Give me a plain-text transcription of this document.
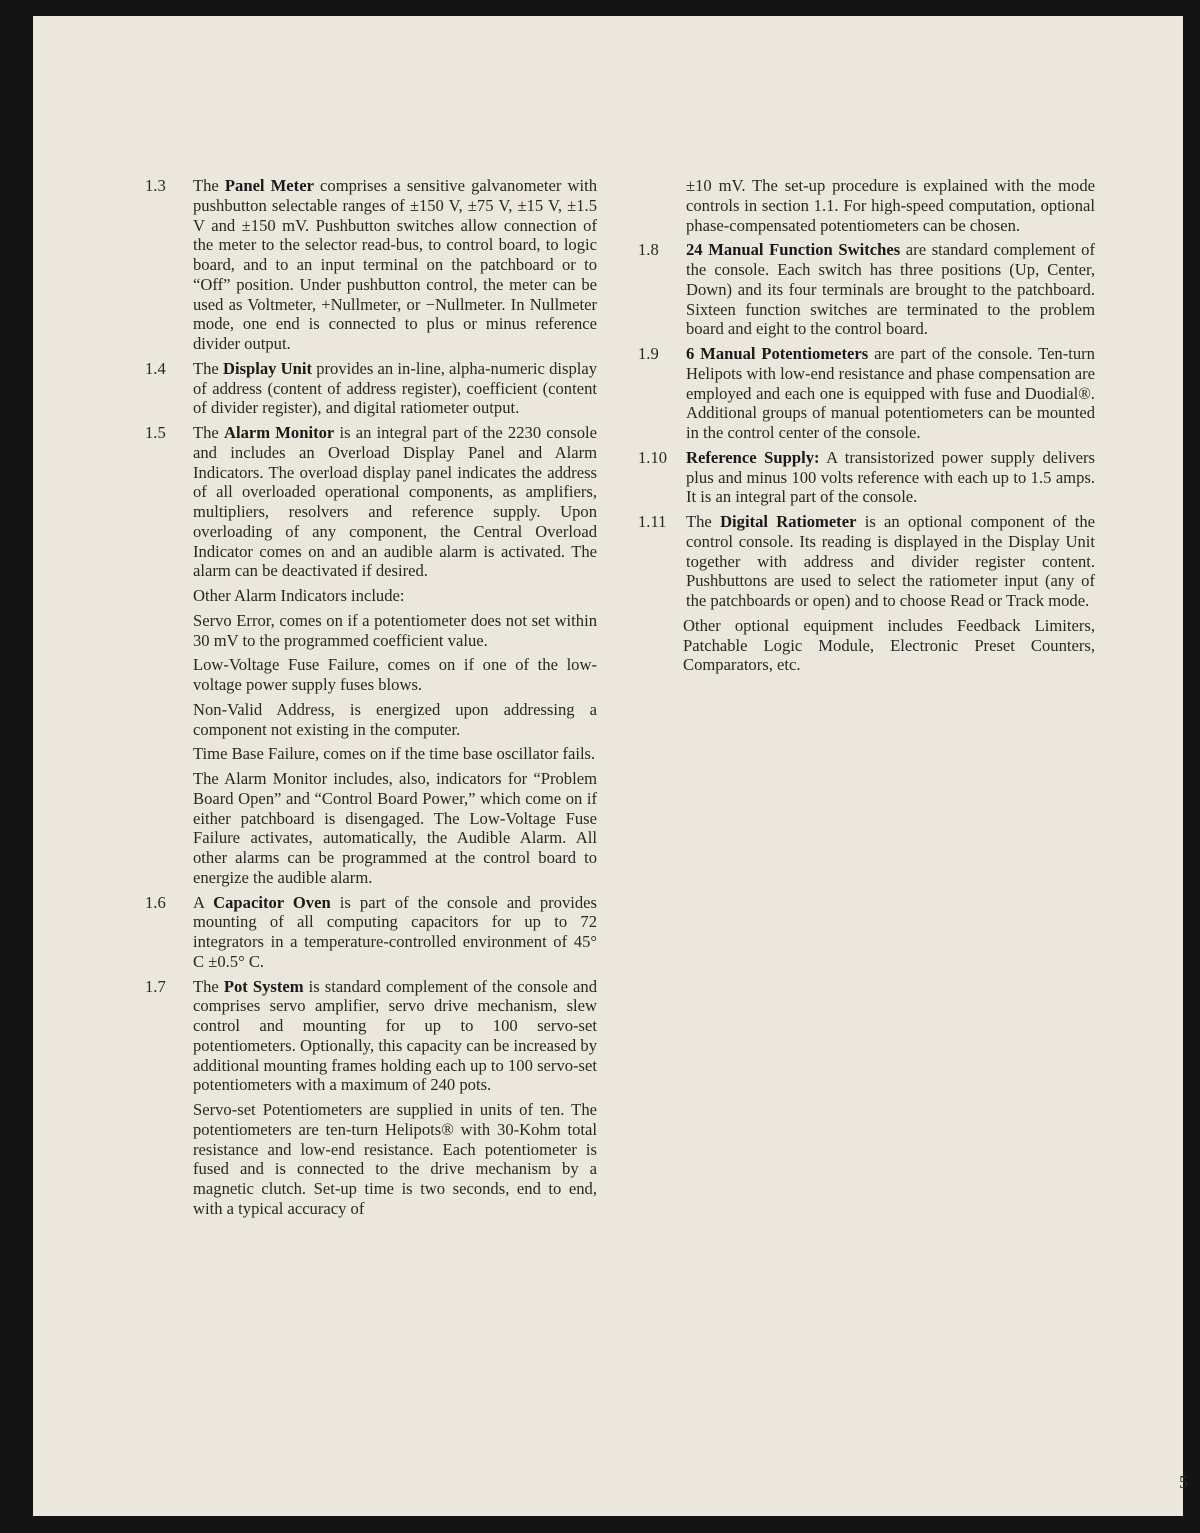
1.3 The Panel Meter comprises a sensitive galvanometer with pushbutton selectable ranges of ±150 V, ±75 V, ±15 V, ±1.5 V and ±150 mV. Pushbutton switches allow connection of the meter to the selector read-bus, to control board, to logic board, and to an input terminal on the patchboard or to “Off” position. Under pushbutton control, the meter can be used as Voltmeter, +Nullmeter, or −Nullmeter. In Nullmeter mode, one end is connected to plus or minus reference divider output.

1.4 The Display Unit provides an in-line, alpha-numeric display of address (content of address register), coefficient (content of divider register), and digital ratiometer output.

1.5 The Alarm Monitor is an integral part of the 2230 console and includes an Overload Display Panel and Alarm Indicators. The overload display panel indicates the address of all overloaded operational components, as amplifiers, multipliers, resolvers and reference supply. Upon overloading of any component, the Central Overload Indicator comes on and an audible alarm is activated. The alarm can be deactivated if desired.

Other Alarm Indicators include:

Servo Error, comes on if a potentiometer does not set within 30 mV to the programmed coefficient value.

Low-Voltage Fuse Failure, comes on if one of the low-voltage power supply fuses blows.

Non-Valid Address, is energized upon addressing a component not existing in the computer.

Time Base Failure, comes on if the time base oscillator fails.

The Alarm Monitor includes, also, indicators for “Problem Board Open” and “Control Board Power,” which come on if either patchboard is disengaged. The Low-Voltage Fuse Failure activates, automatically, the Audible Alarm. All other alarms can be programmed at the control board to energize the audible alarm.

1.6 A Capacitor Oven is part of the console and provides mounting of all computing capacitors for up to 72 integrators in a temperature-controlled environment of 45° C ±0.5° C.

1.7 The Pot System is standard complement of the console and comprises servo amplifier, servo drive mechanism, slew control and mounting for up to 100 servo-set potentiometers. Optionally, this capacity can be increased by additional mounting frames holding each up to 100 servo-set potentiometers with a maximum of 240 pots.

Servo-set Potentiometers are supplied in units of ten. The potentiometers are ten-turn Helipots® with 30-Kohm total resistance and low-end resistance. Each potentiometer is fused and is connected to the drive mechanism by a magnetic clutch. Set-up time is two seconds, end to end, with a typical accuracy of

±10 mV. The set-up procedure is explained with the mode controls in section 1.1. For high-speed computation, optional phase-compensated potentiometers can be chosen.

1.8 24 Manual Function Switches are standard complement of the console. Each switch has three positions (Up, Center, Down) and its four terminals are brought to the patchboard. Sixteen function switches are terminated to the problem board and eight to the control board.

1.9 6 Manual Potentiometers are part of the console. Ten-turn Helipots with low-end resistance and phase compensation are employed and each one is equipped with fuse and Duodial®. Additional groups of manual potentiometers can be mounted in the control center of the console.

1.10 Reference Supply: A transistorized power supply delivers plus and minus 100 volts reference with each up to 1.5 amps. It is an integral part of the console.

1.11 The Digital Ratiometer is an optional component of the control console. Its reading is displayed in the Display Unit together with address and divider register content. Pushbuttons are used to select the ratiometer input (any of the patchboards or open) and to choose Read or Track mode.

Other optional equipment includes Feedback Limiters, Patchable Logic Module, Electronic Preset Counters, Comparators, etc.

5
